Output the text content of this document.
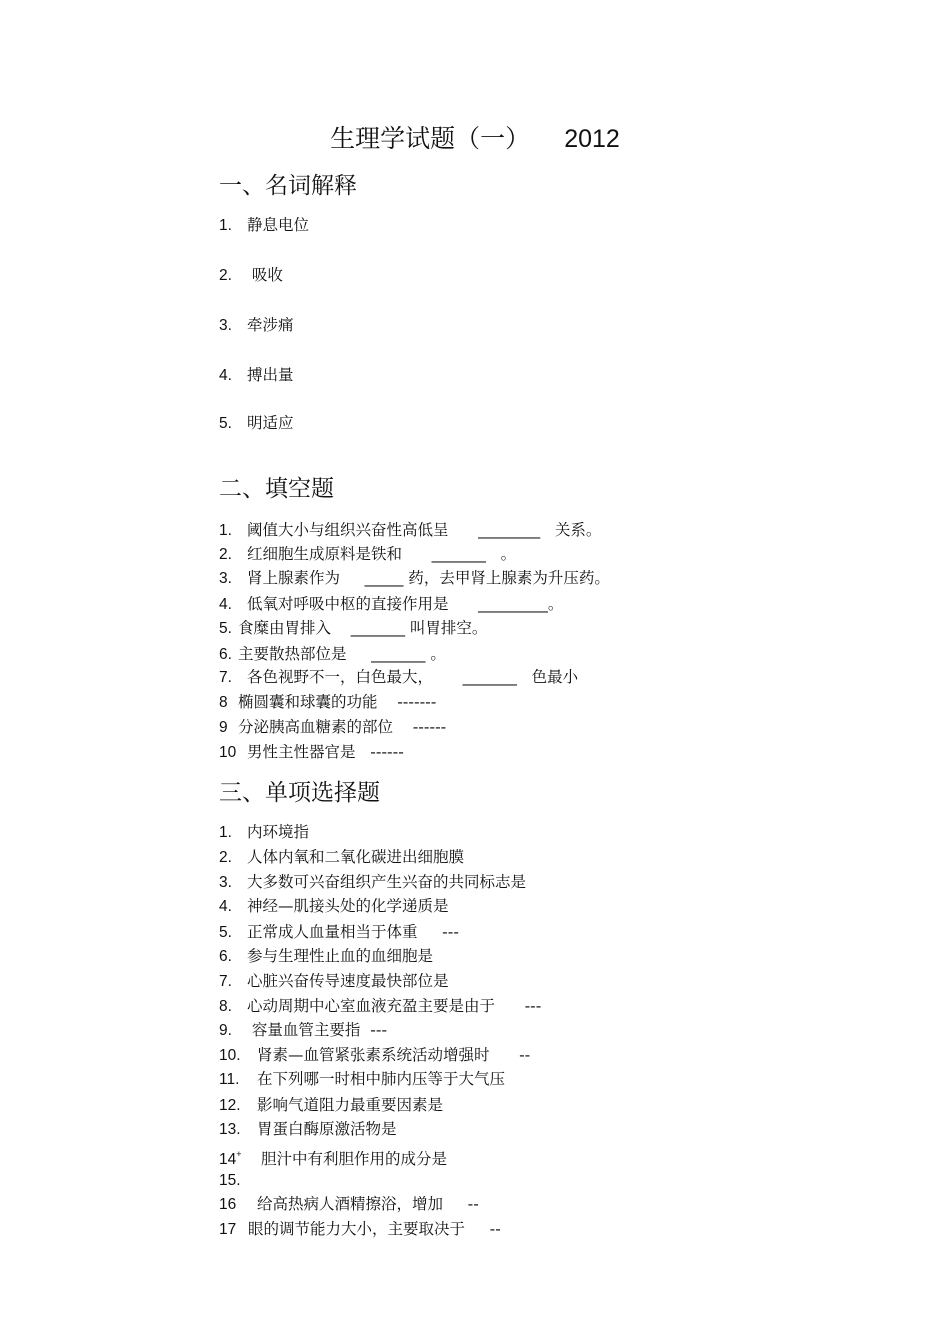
生理学试题（一） 2012
一、名词解释
1. 静息电位
2. 吸收
3. 牵涉痛
4. 搏出量
5. 明适应
二、填空题
1. 阈值大小与组织兴奋性高低呈      ________   关系。
2. 红细胞生成原料是铁和      _______   。
3. 肾上腺素作为     _____ 药，去甲肾上腺素为升压药。
4. 低氧对呼吸中枢的直接作用是      _________。
5. 食糜由胃排入    _______ 叫胃排空。
6. 主要散热部位是     _______ 。
7. 各色视野不一，白色最大，      _______   色最小
8 椭圆囊和球囊的功能    -------
9 分泌胰高血糖素的部位    ------
10 男性主性器官是   ------
三、单项选择题
1. 内环境指
2. 人体内氧和二氧化碳进出细胞膜
3. 大多数可兴奋组织产生兴奋的共同标志是
4. 神经—肌接头处的化学递质是
5. 正常成人血量相当于体重     ---
6. 参与生理性止血的血细胞是
7. 心脏兴奋传导速度最快部位是
8. 心动周期中心室血液充盈主要是由于      ---
9. 容量血管主要指  ---
10. 肾素—血管紧张素系统活动增强时      --
11. 在下列哪一时相中肺内压等于大气压
12. 影响气道阻力最重要因素是
13. 胃蛋白酶原激活物是
14+ 胆汁中有利胆作用的成分是
15.
16 给高热病人酒精擦浴，增加     --
17 眼的调节能力大小，主要取决于     --
